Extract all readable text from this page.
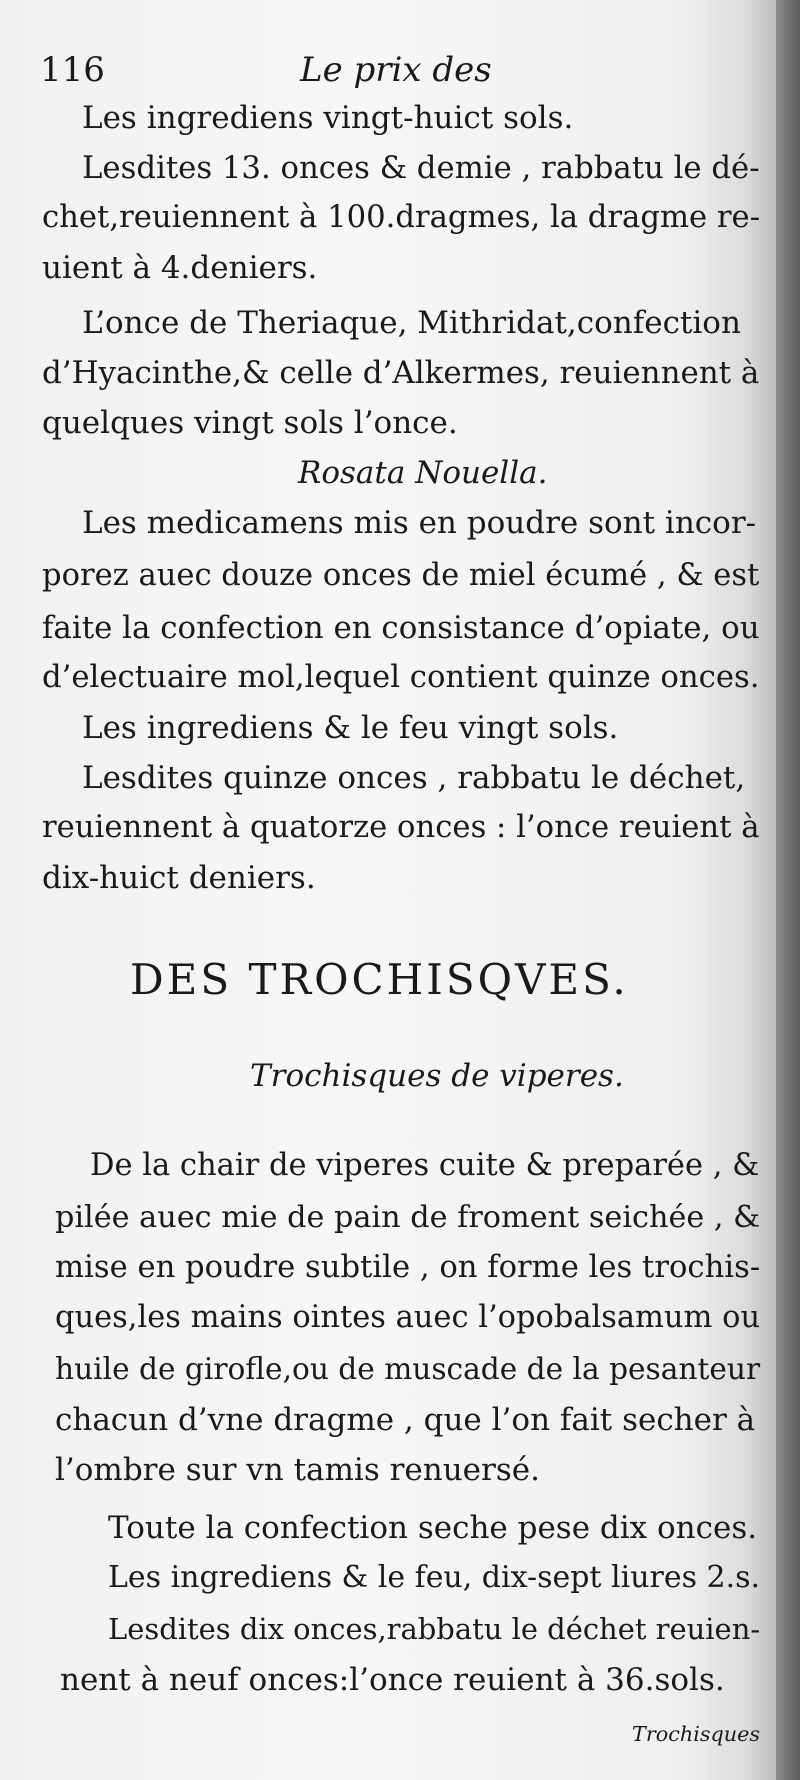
116	Le prix des
Les ingrediens vingt-huict sols.
Lesdites 13. onces & demie , rabbatu le dé-
chet,reuiennent à 100.dragmes, la dragme re-
uient à 4.deniers.
L’once de Theriaque, Mithridat,confection
d’Hyacinthe,& celle d’Alkermes, reuiennent à
quelques vingt sols l’once.
Rosata Nouella.
Les medicamens mis en poudre sont incor-
porez auec douze onces de miel écumé , & est
faite la confection en consistance d’opiate, ou
d’electuaire mol,lequel contient quinze onces.
Les ingrediens & le feu vingt sols.
Lesdites quinze onces , rabbatu le déchet,
reuiennent à quatorze onces : l’once reuient à
dix-huict deniers.
DES TROCHISQVES.
Trochisques de viperes.
De la chair de viperes cuite & preparée , &
pilée auec mie de pain de froment seichée , &
mise en poudre subtile , on forme les trochis-
ques,les mains ointes auec l’opobalsamum ou
huile de girofle,ou de muscade de la pesanteur
chacun d’vne dragme , que l’on fait secher à
l’ombre sur vn tamis renuersé.
Toute la confection seche pese dix onces.
Les ingrediens & le feu, dix-sept liures 2.s.
Lesdites dix onces,rabbatu le déchet reuien-
nent à neuf onces:l’once reuient à 36.sols.
Trochisques
